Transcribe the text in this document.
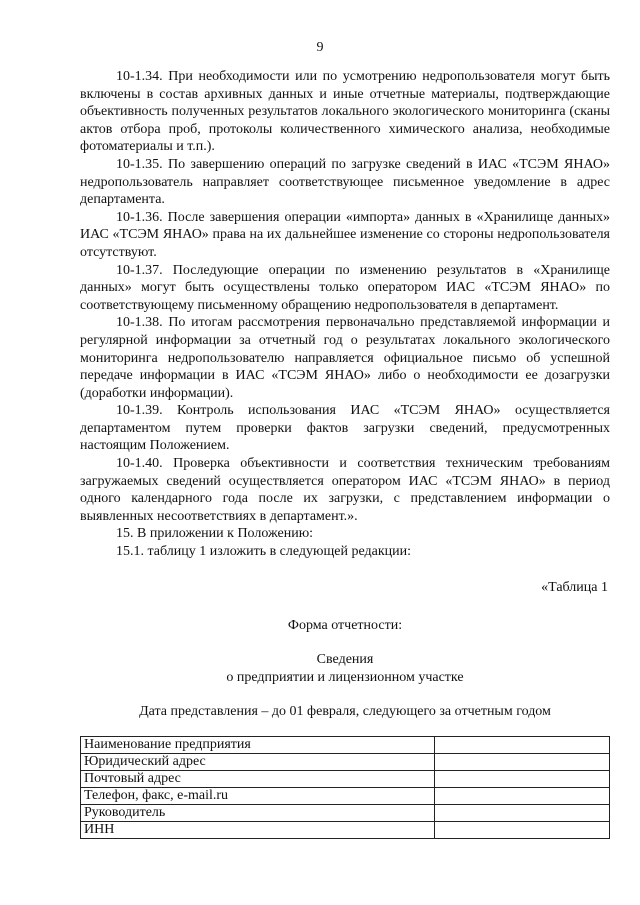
9

10-1.34. При необходимости или по усмотрению недропользователя могут быть включены в состав архивных данных и иные отчетные материалы, подтверждающие объективность полученных результатов локального экологического мониторинга (сканы актов отбора проб, протоколы количественного химического анализа, необходимые фотоматериалы и т.п.).

10-1.35. По завершению операций по загрузке сведений в ИАС «ТСЭМ ЯНАО» недропользователь направляет соответствующее письменное уведомление в адрес департамента.

10-1.36. После завершения операции «импорта» данных в «Хранилище данных» ИАС «ТСЭМ ЯНАО» права на их дальнейшее изменение со стороны недропользователя отсутствуют.

10-1.37. Последующие операции по изменению результатов в «Хранилище данных» могут быть осуществлены только оператором ИАС «ТСЭМ ЯНАО» по соответствующему письменному обращению недропользователя в департамент.

10-1.38. По итогам рассмотрения первоначально представляемой информации и регулярной информации за отчетный год о результатах локального экологического мониторинга недропользователю направляется официальное письмо об успешной передаче информации в ИАС «ТСЭМ ЯНАО» либо о необходимости ее дозагрузки (доработки информации).

10-1.39. Контроль использования ИАС «ТСЭМ ЯНАО» осуществляется департаментом путем проверки фактов загрузки сведений, предусмотренных настоящим Положением.

10-1.40. Проверка объективности и соответствия техническим требованиям загружаемых сведений осуществляется оператором ИАС «ТСЭМ ЯНАО» в период одного календарного года после их загрузки, с представлением информации о выявленных несоответствиях в департамент.».

15. В приложении к Положению:

15.1. таблицу 1 изложить в следующей редакции:

«Таблица 1
Форма отчетности:
Сведения
о предприятии и лицензионном участке
Дата представления – до 01 февраля, следующего за отчетным годом
Наименование предприятия	
Юридический адрес	
Почтовый адрес	
Телефон, факс, e-mail.ru	
Руководитель	
ИНН	
